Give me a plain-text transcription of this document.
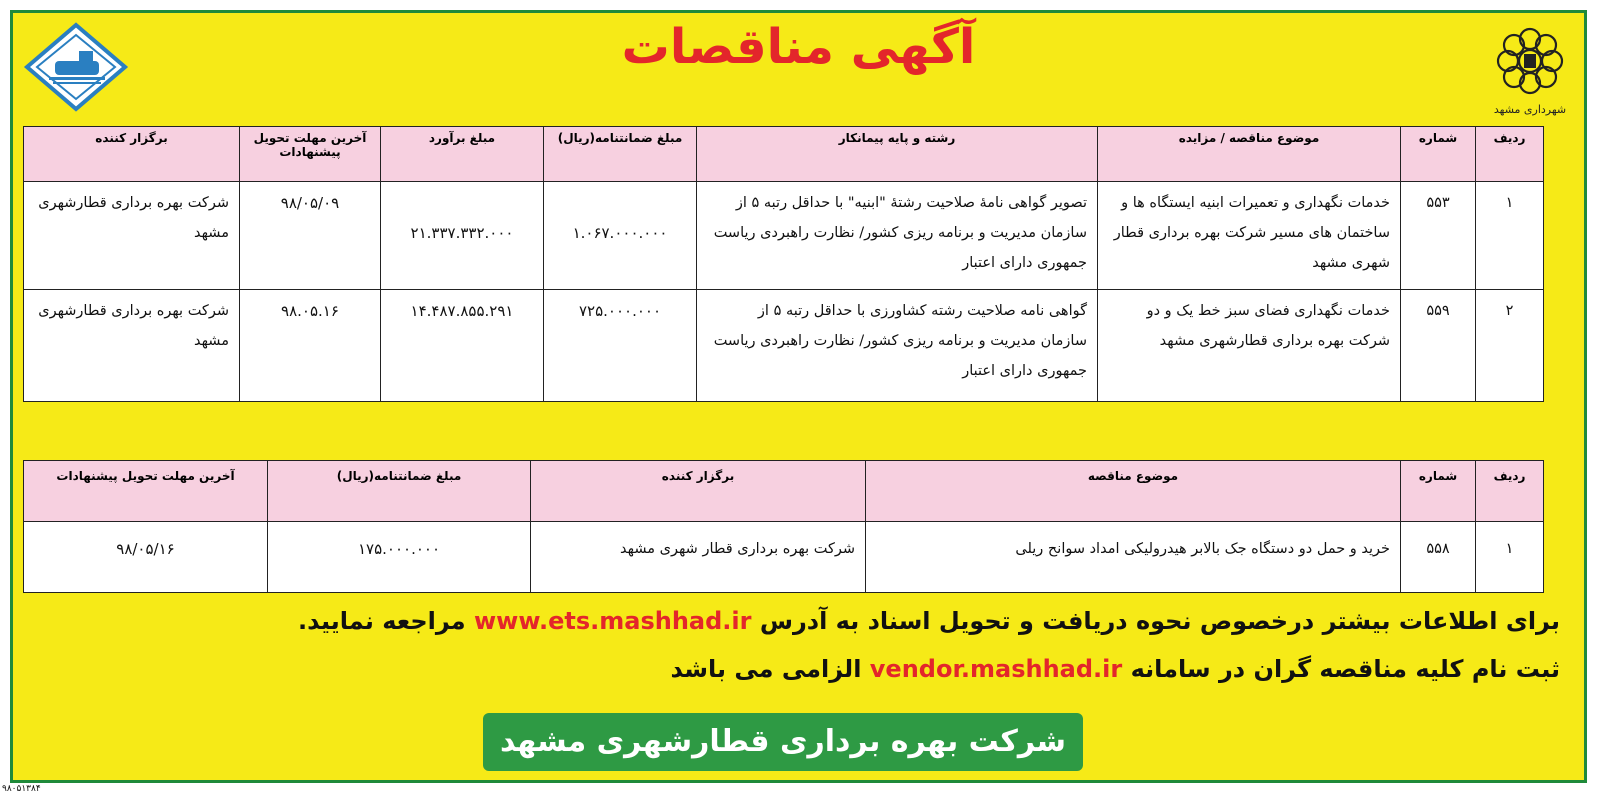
آگهی مناقصات
شهرداری مشهد
ردیف	شماره	موضوع مناقصه / مزایده	رشته و پایه پیمانکار	مبلغ ضمانتنامه(ریال)	مبلغ برآورد	آخرین مهلت تحویل پیشنهادات	برگزار کننده
۱	۵۵۳	خدمات نگهداری و تعمیرات ابنیه ایستگاه ها و ساختمان های مسیر شرکت بهره برداری قطار شهری مشهد	تصویر گواهی نامهٔ صلاحیت رشتهٔ "ابنیه" با حداقل رتبه ۵ از سازمان مدیریت و برنامه ریزی کشور/ نظارت راهبردی ریاست جمهوری دارای اعتبار	۱.۰۶۷.۰۰۰.۰۰۰	۲۱.۳۳۷.۳۳۲.۰۰۰	۹۸/۰۵/۰۹	شرکت بهره برداری قطارشهری مشهد
۲	۵۵۹	خدمات نگهداری فضای سبز خط یک و دو شرکت بهره برداری قطارشهری مشهد	گواهی نامه صلاحیت رشته کشاورزی با حداقل رتبه ۵ از سازمان مدیریت و برنامه ریزی کشور/ نظارت راهبردی ریاست جمهوری دارای اعتبار	۷۲۵.۰۰۰.۰۰۰	۱۴.۴۸۷.۸۵۵.۲۹۱	۹۸.۰۵.۱۶	شرکت بهره برداری قطارشهری مشهد
ردیف	شماره	موضوع مناقصه	برگزار کننده	مبلغ ضمانتنامه(ریال)	آخرین مهلت تحویل پیشنهادات
۱	۵۵۸	خرید و حمل دو دستگاه جک بالابر هیدرولیکی امداد سوانح ریلی	شرکت بهره برداری قطار شهری مشهد	۱۷۵.۰۰۰.۰۰۰	۹۸/۰۵/۱۶
برای اطلاعات بیشتر درخصوص نحوه دریافت و تحویل اسناد به آدرس www.ets.mashhad.ir مراجعه نمایید.
ثبت نام کلیه مناقصه گران در سامانه vendor.mashhad.ir الزامی می باشد
شرکت بهره برداری قطارشهری مشهد
۹۸۰۵۱۳۸۴
